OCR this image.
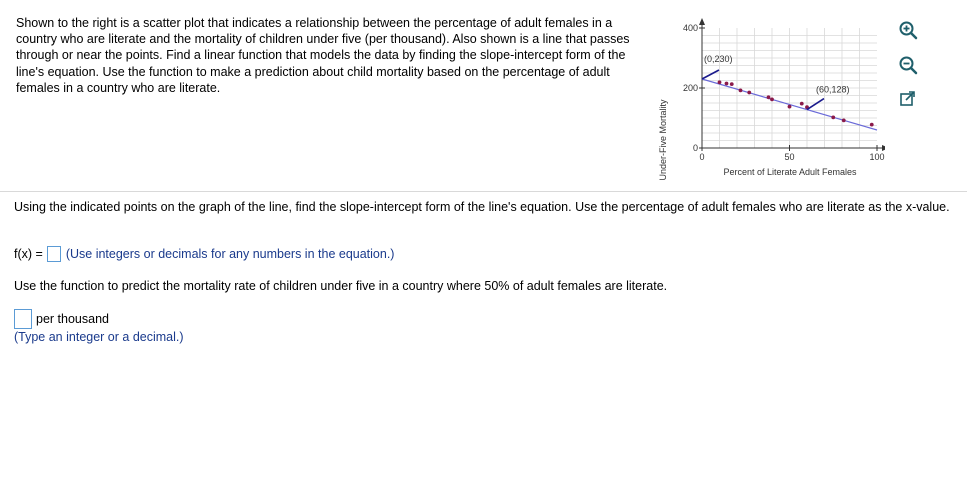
Shown to the right is a scatter plot that indicates a relationship between the percentage of adult females in a country who are literate and the mortality of children under five (per thousand). Also shown is a line that passes through or near the points. Find a linear function that models the data by finding the slope-intercept form of the line's equation. Use the function to make a prediction about child mortality based on the percentage of adult females in a country who are literate.
Under-Five Mortality	Percent of Literate Adult Females
0	50	100
0
200
400
(0,230)
(60,128)
Using the indicated points on the graph of the line, find the slope-intercept form of the line's equation. Use the percentage of adult females who are literate as the x-value.
f(x) = (Use integers or decimals for any numbers in the equation.)
Use the function to predict the mortality rate of children under five in a country where 50% of adult females are literate.
per thousand
(Type an integer or a decimal.)
